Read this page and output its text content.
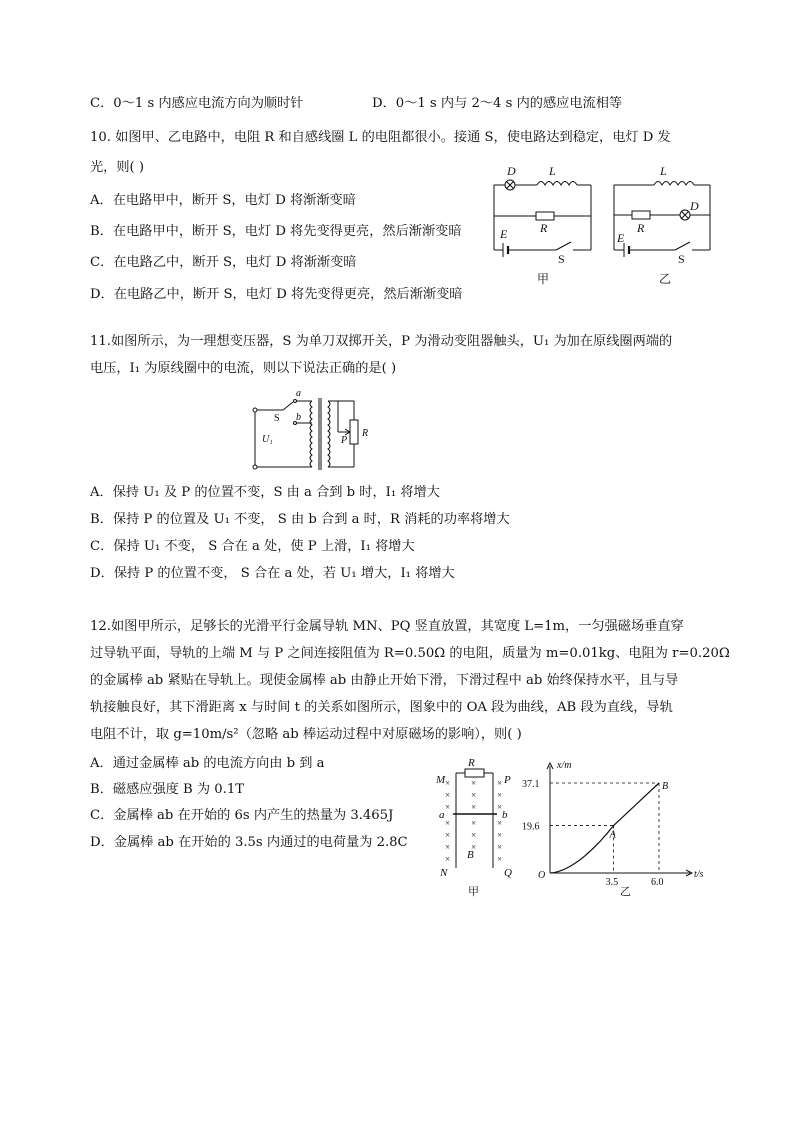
C．0～1 s 内感应电流方向为顺时针	D．0～1 s 内与 2～4 s 内的感应电流相等
10. 如图甲、乙电路中，电阻 R 和自感线圈 L 的电阻都很小。接通 S，使电路达到稳定，电灯 D 发
光，则( )
A．在电路甲中，断开 S，电灯 D 将渐渐变暗
B．在电路甲中，断开 S，电灯 D 将先变得更亮，然后渐渐变暗
C．在电路乙中，断开 S，电灯 D 将渐渐变暗
D．在电路乙中，断开 S，电灯 D 将先变得更亮，然后渐渐变暗
D	L
R
E
L
D
R
E
S	S
甲	乙
11.如图所示，为一理想变压器，S 为单刀双掷开关，P 为滑动变阻器触头，U₁ 为加在原线圈两端的
电压，I₁ 为原线圈中的电流，则以下说法正确的是( )
U₁
S
a
b
P
R
A．保持 U₁ 及 P 的位置不变，S 由 a 合到 b 时，I₁ 将增大
B．保持 P 的位置及 U₁ 不变， S 由 b 合到 a 时，R 消耗的功率将增大
C．保持 U₁ 不变， S 合在 a 处，使 P 上滑，I₁ 将增大
D．保持 P 的位置不变， S 合在 a 处，若 U₁ 增大，I₁ 将增大
12.如图甲所示，足够长的光滑平行金属导轨 MN、PQ 竖直放置，其宽度 L=1m，一匀强磁场垂直穿
过导轨平面，导轨的上端 M 与 P 之间连接阻值为 R=0.50Ω 的电阻，质量为 m=0.01kg、电阻为 r=0.20Ω
的金属棒 ab 紧贴在导轨上。现使金属棒 ab 由静止开始下滑，下滑过程中 ab 始终保持水平，且与导
轨接触良好，其下滑距离 x 与时间 t 的关系如图所示，图象中的 OA 段为曲线，AB 段为直线，导轨
电阻不计，取 g=10m/s²（忽略 ab 棒运动过程中对原磁场的影响），则( )
A．通过金属棒 ab 的电流方向由 b 到 a
B．磁感应强度 B 为 0.1T
C．金属棒 ab 在开始的 6s 内产生的热量为 3.465J
D．金属棒 ab 在开始的 3.5s 内通过的电荷量为 2.8C
×
×
×
×
×
×
×
×
×
×
×
×
×
×
×
×
×
×
×
×
M
R
P
a	b
B
N	Q
甲
O
A
B
37.1
19.6
3.5	6.0
x/m
t/s
乙
